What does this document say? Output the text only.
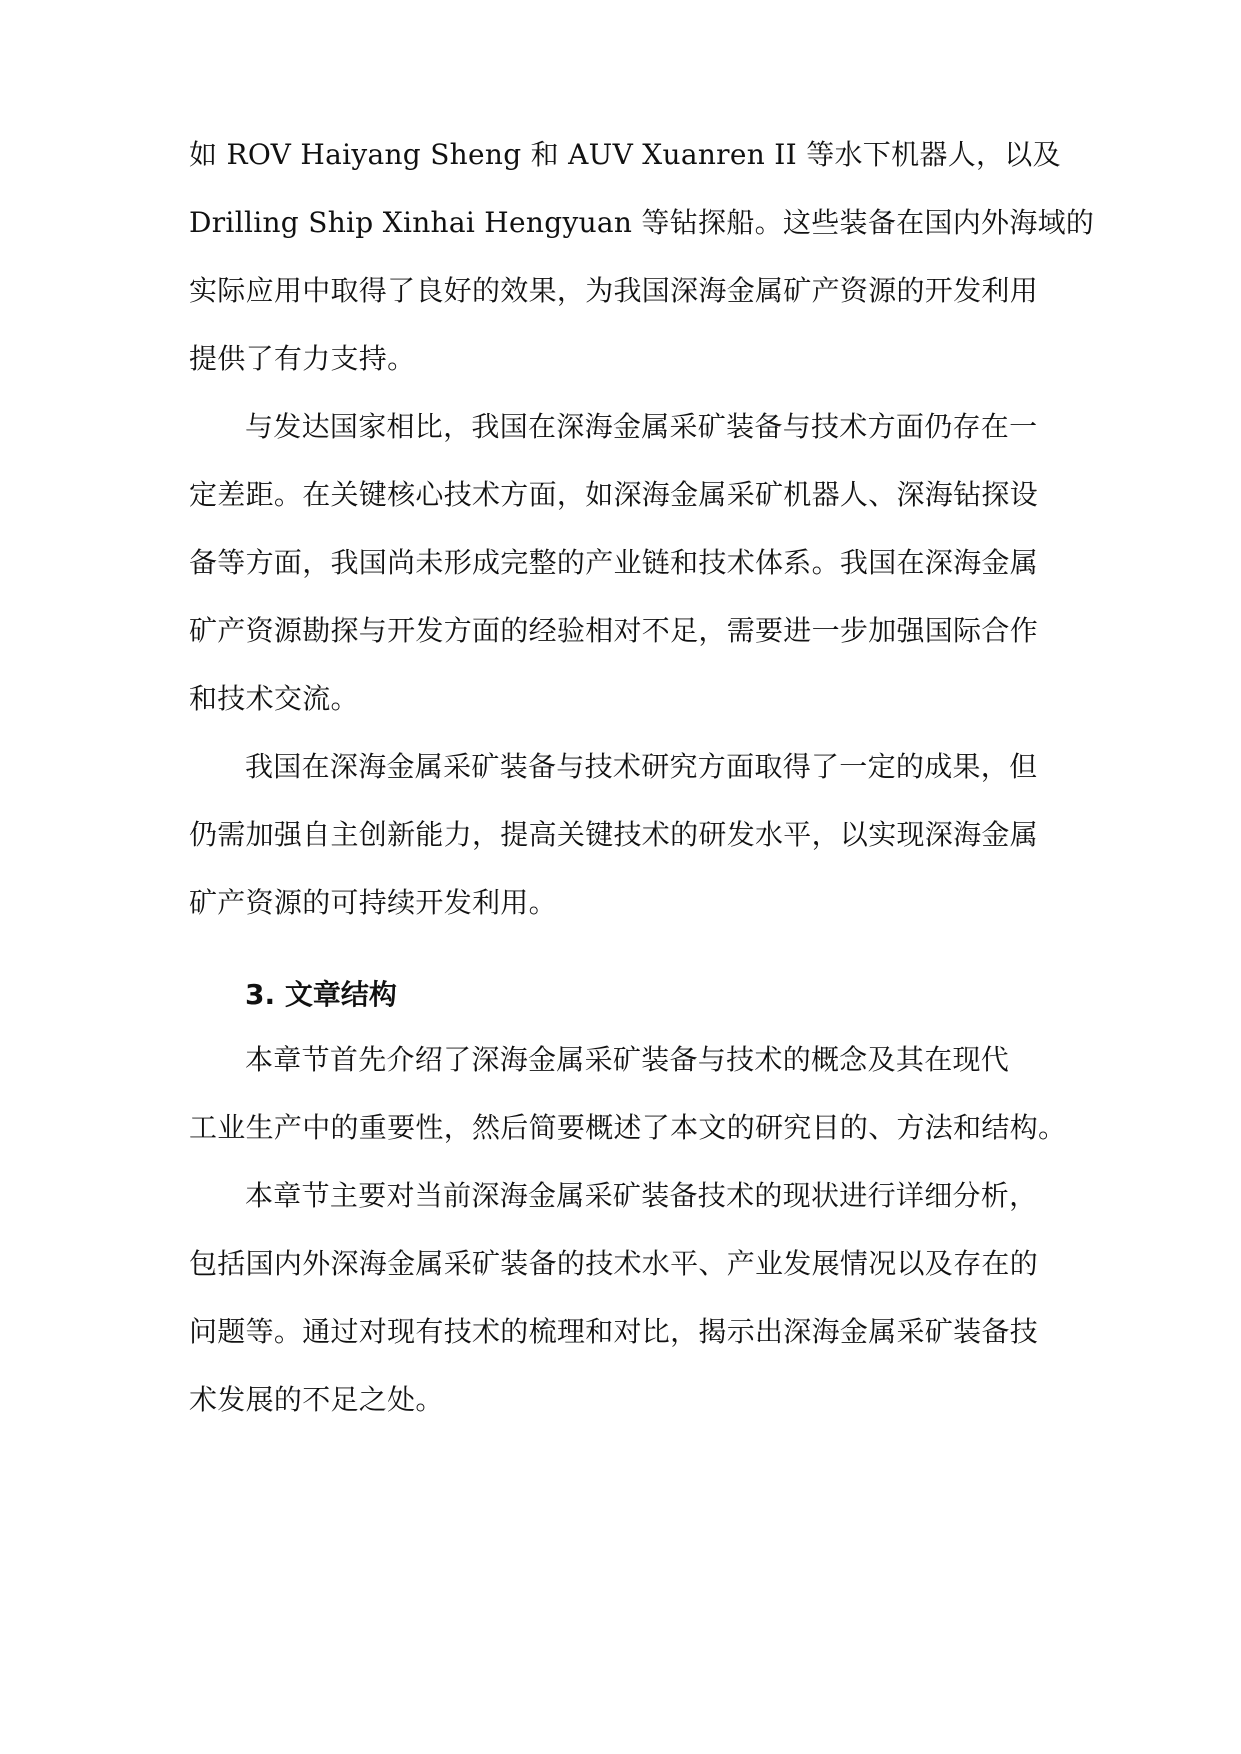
如 ROV Haiyang Sheng 和 AUV Xuanren II 等水下机器人，以及
Drilling Ship Xinhai Hengyuan 等钻探船。这些装备在国内外海域的
实际应用中取得了良好的效果，为我国深海金属矿产资源的开发利用
提供了有力支持。
与发达国家相比，我国在深海金属采矿装备与技术方面仍存在一
定差距。在关键核心技术方面，如深海金属采矿机器人、深海钻探设
备等方面，我国尚未形成完整的产业链和技术体系。我国在深海金属
矿产资源勘探与开发方面的经验相对不足，需要进一步加强国际合作
和技术交流。
我国在深海金属采矿装备与技术研究方面取得了一定的成果，但
仍需加强自主创新能力，提高关键技术的研发水平，以实现深海金属
矿产资源的可持续开发利用。
3. 文章结构
本章节首先介绍了深海金属采矿装备与技术的概念及其在现代
工业生产中的重要性，然后简要概述了本文的研究目的、方法和结构。
本章节主要对当前深海金属采矿装备技术的现状进行详细分析，
包括国内外深海金属采矿装备的技术水平、产业发展情况以及存在的
问题等。通过对现有技术的梳理和对比，揭示出深海金属采矿装备技
术发展的不足之处。
